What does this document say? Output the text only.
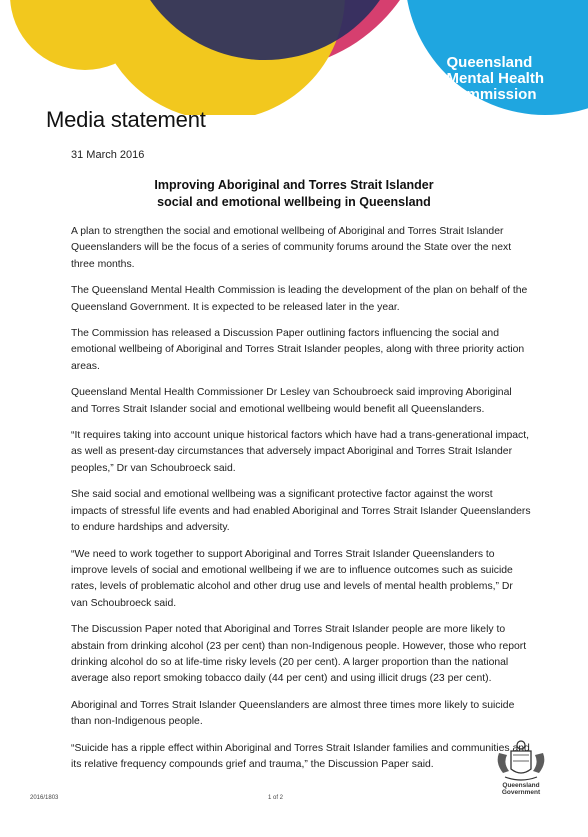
Queensland
Mental Health
Commission
Media statement
31 March 2016
Improving Aboriginal and Torres Strait Islander
social and emotional wellbeing in Queensland

A plan to strengthen the social and emotional wellbeing of Aboriginal and Torres Strait Islander Queenslanders will be the focus of a series of community forums around the State over the next three months.

The Queensland Mental Health Commission is leading the development of the plan on behalf of the Queensland Government. It is expected to be released later in the year.

The Commission has released a Discussion Paper outlining factors influencing the social and emotional wellbeing of Aboriginal and Torres Strait Islander peoples, along with three priority action areas.

Queensland Mental Health Commissioner Dr Lesley van Schoubroeck said improving Aboriginal and Torres Strait Islander social and emotional wellbeing would benefit all Queenslanders.

“It requires taking into account unique historical factors which have had a trans-generational impact, as well as present-day circumstances that adversely impact Aboriginal and Torres Strait Islander peoples,” Dr van Schoubroeck said.

She said social and emotional wellbeing was a significant protective factor against the worst impacts of stressful life events and had enabled Aboriginal and Torres Strait Islander Queenslanders to endure hardships and adversity.

“We need to work together to support Aboriginal and Torres Strait Islander Queenslanders to improve levels of social and emotional wellbeing if we are to influence outcomes such as suicide rates, levels of problematic alcohol and other drug use and levels of mental health problems,” Dr van Schoubroeck said.

The Discussion Paper noted that Aboriginal and Torres Strait Islander people are more likely to abstain from drinking alcohol (23 per cent) than non-Indigenous people. However, those who report drinking alcohol do so at life-time risky levels (20 per cent). A larger proportion than the national average also report smoking tobacco daily (44 per cent) and using illicit drugs (23 per cent).

Aboriginal and Torres Strait Islander Queenslanders are almost three times more likely to suicide than non-Indigenous people.

“Suicide has a ripple effect within Aboriginal and Torres Strait Islander families and communities and its relative frequency compounds grief and trauma,” the Discussion Paper said.

Queensland
Government
2016/1803	1 of 2
